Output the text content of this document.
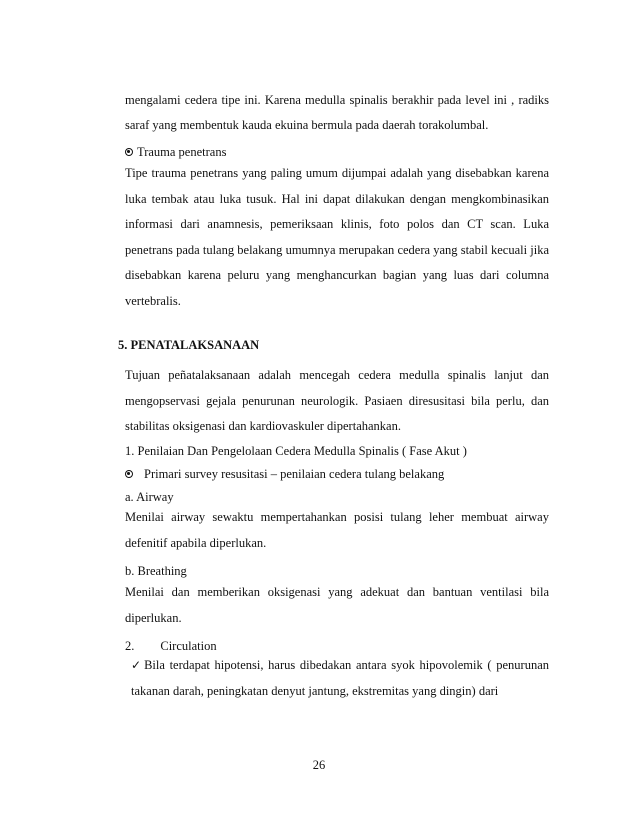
mengalami cedera tipe ini. Karena medulla spinalis berakhir pada level ini , radiks

saraf yang membentuk kauda ekuina bermula pada daerah torakolumbal.

Trauma penetrans

Tipe trauma penetrans yang paling umum dijumpai adalah yang disebabkan karena luka tembak atau luka tusuk. Hal ini dapat dilakukan dengan mengkombinasikan informasi dari anamnesis, pemeriksaan klinis, foto polos dan CT scan. Luka penetrans pada tulang belakang umumnya merupakan cedera yang stabil kecuali jika disebabkan karena peluru yang menghancurkan bagian yang luas dari columna vertebralis.

5. PENATALAKSANAAN

Tujuan peñatalaksanaan adalah mencegah cedera medulla spinalis lanjut dan mengopservasi gejala penurunan neurologik. Pasiaen diresusitasi bila perlu, dan stabilitas oksigenasi dan kardiovaskuler dipertahankan.

1. Penilaian Dan Pengelolaan Cedera Medulla Spinalis ( Fase Akut )

Primari survey resusitasi – penilaian cedera tulang belakang

a. Airway

Menilai airway sewaktu mempertahankan posisi tulang leher membuat airway defenitif apabila diperlukan.

b. Breathing

Menilai dan memberikan oksigenasi yang adekuat dan bantuan ventilasi bila diperlukan.

2. Circulation
✓ Bila terdapat hipotensi, harus dibedakan antara syok hipovolemik ( penurunan takanan darah, peningkatan denyut jantung, ekstremitas yang dingin) dari
26
